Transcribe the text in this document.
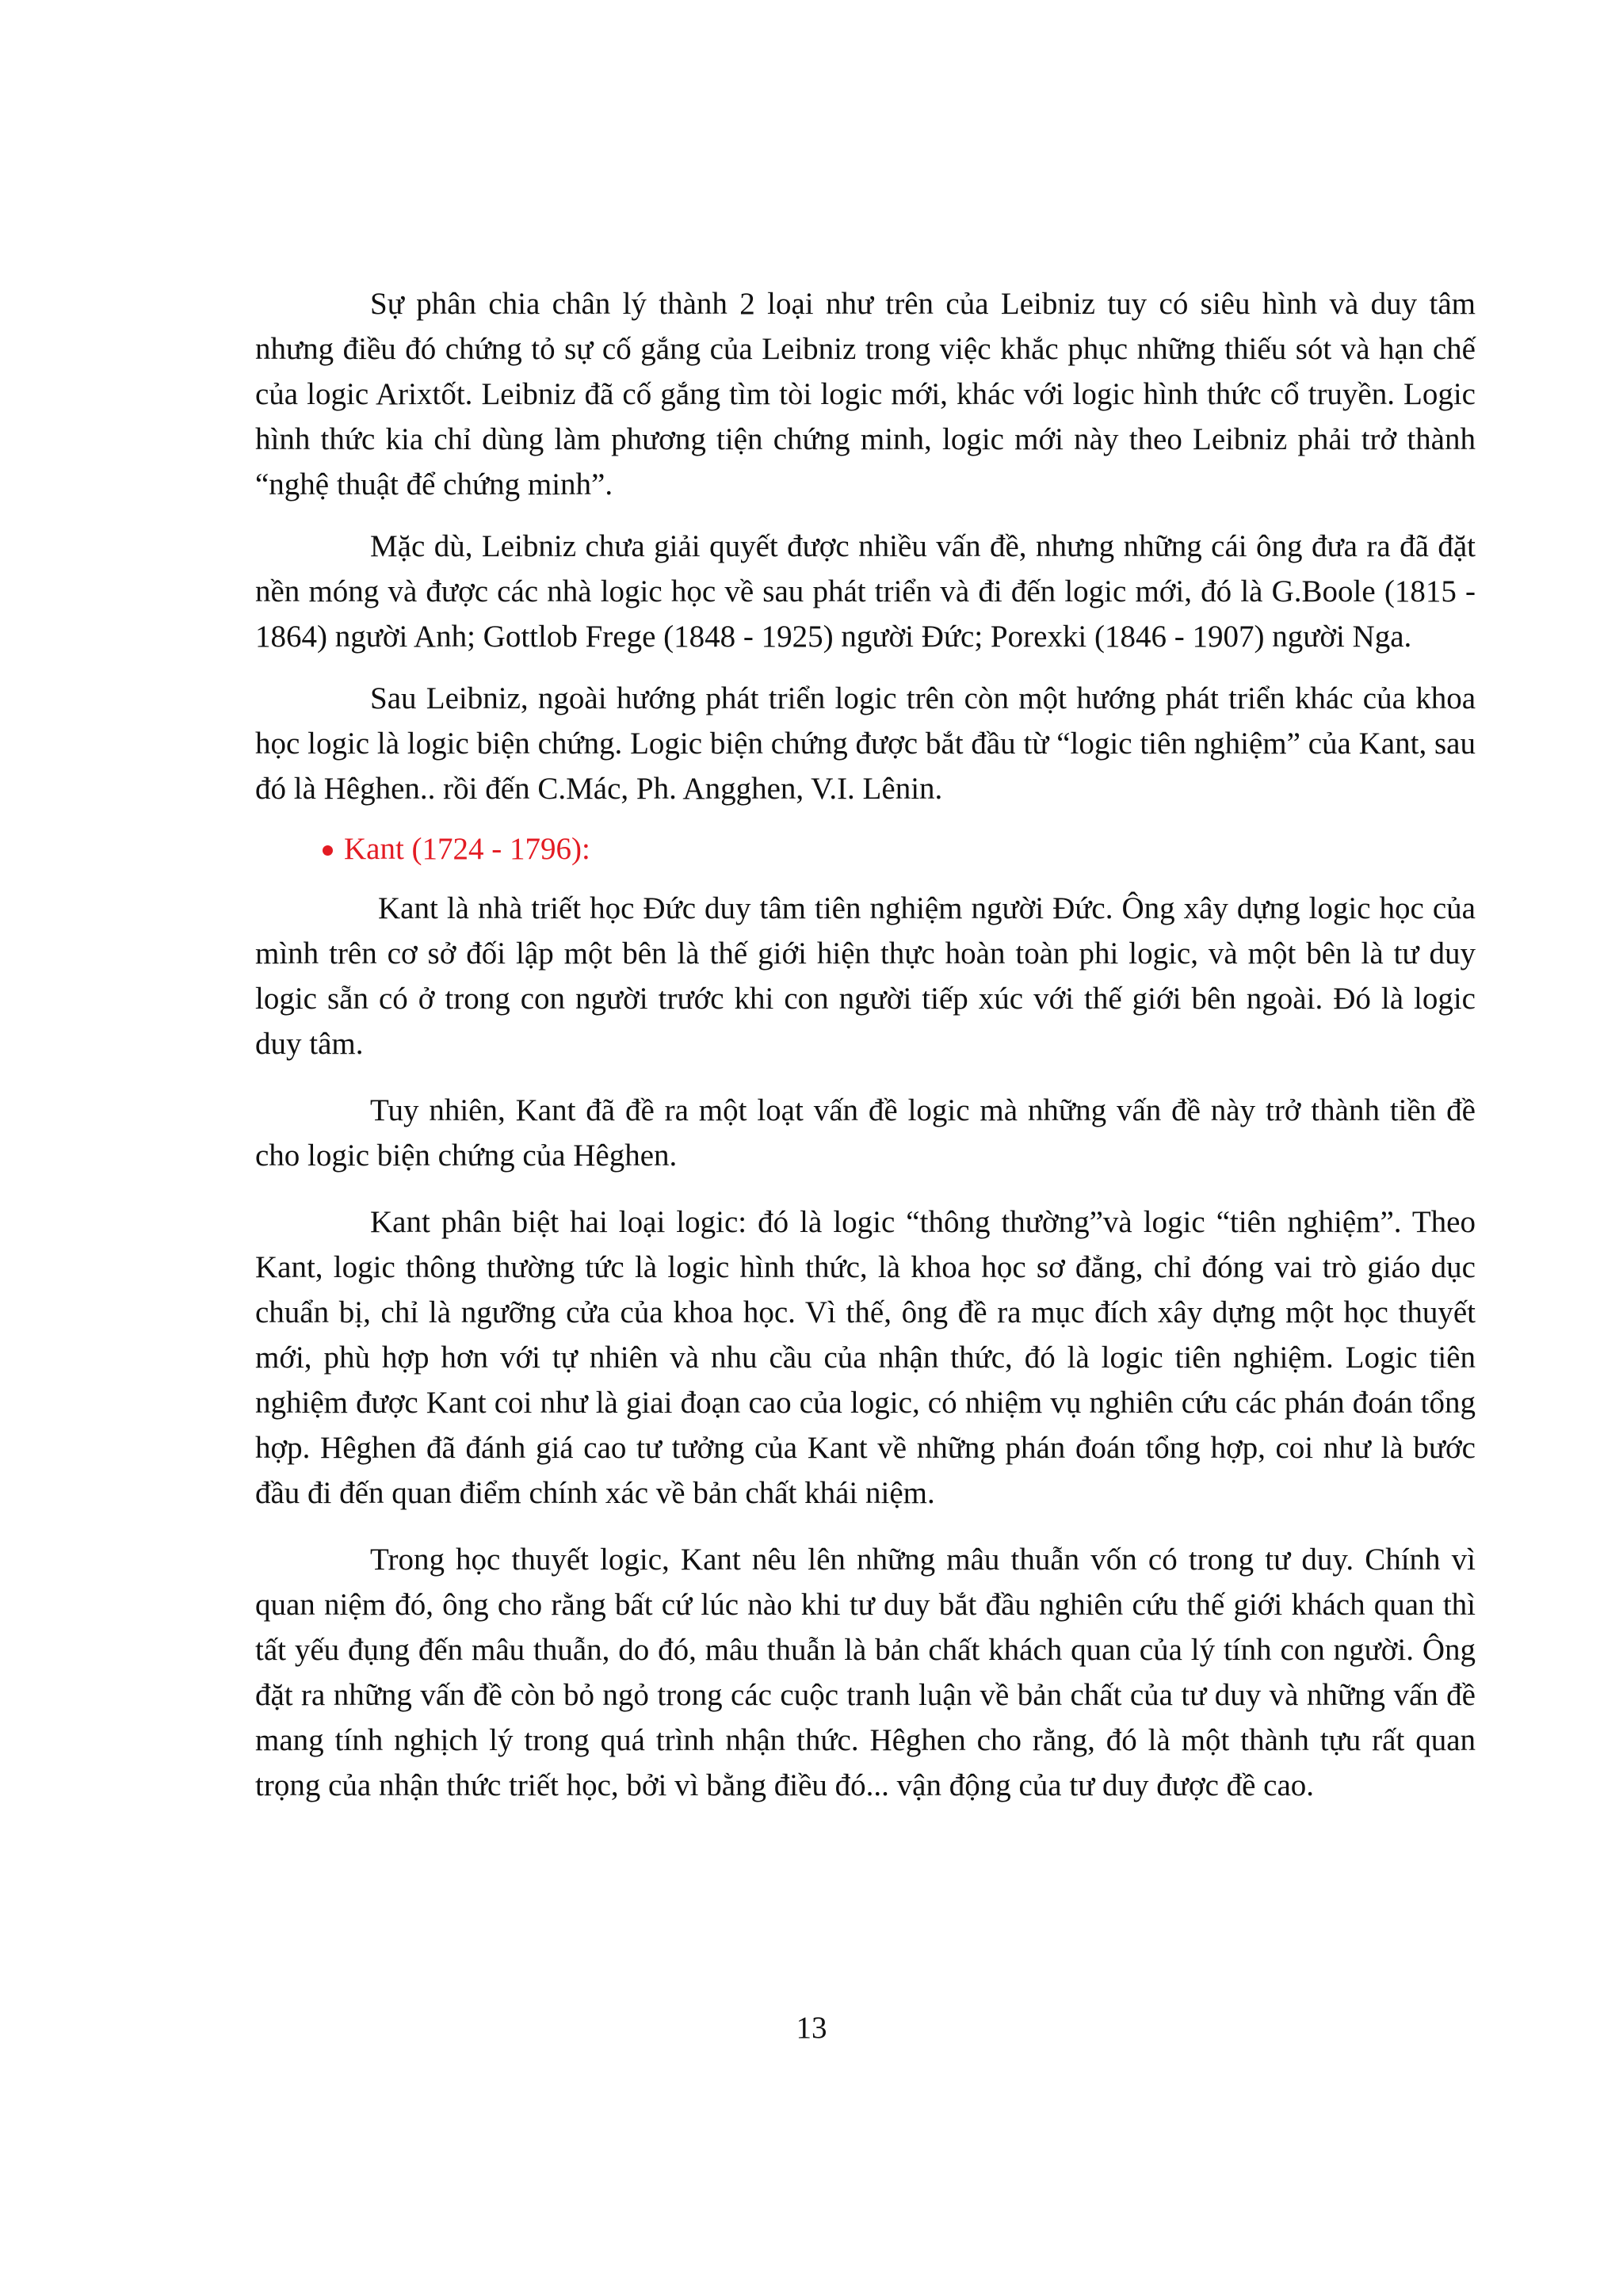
Sự phân chia chân lý thành 2 loại như trên của Leibniz tuy có siêu hình và duy tâm nhưng điều đó chứng tỏ sự cố gắng của Leibniz trong việc khắc phục những thiếu sót và hạn chế của logic Arixtốt. Leibniz đã cố gắng tìm tòi logic mới, khác với logic hình thức cổ truyền. Logic hình thức kia chỉ dùng làm phương tiện chứng minh, logic mới này theo Leibniz phải trở thành “nghệ thuật để chứng minh”.

Mặc dù, Leibniz chưa giải quyết được nhiều vấn đề, nhưng những cái ông đưa ra đã đặt nền móng và được các nhà logic học về sau phát triển và đi đến logic mới, đó là G.Boole (1815 - 1864) người Anh; Gottlob Frege (1848 - 1925) người Đức; Porexki (1846 - 1907) người Nga.

Sau Leibniz, ngoài hướng phát triển logic trên còn một hướng phát triển khác của khoa học logic là logic biện chứng. Logic biện chứng được bắt đầu từ “logic tiên nghiệm” của Kant, sau đó là Hêghen.. rồi đến C.Mác, Ph. Angghen, V.I. Lênin.

Kant (1724 - 1796):

Kant là nhà triết học Đức duy tâm tiên nghiệm người Đức. Ông xây dựng logic học của mình trên cơ sở đối lập một bên là thế giới hiện thực hoàn toàn phi logic, và một bên là tư duy logic sẵn có ở trong con người trước khi con người tiếp xúc với thế giới bên ngoài. Đó là logic duy tâm.

Tuy nhiên, Kant đã đề ra một loạt vấn đề logic mà những vấn đề này trở thành tiền đề cho logic biện chứng của Hêghen.

Kant phân biệt hai loại logic: đó là logic “thông thường”và logic “tiên nghiệm”. Theo Kant, logic thông thường tức là logic hình thức, là khoa học sơ đẳng, chỉ đóng vai trò giáo dục chuẩn bị, chỉ là ngưỡng cửa của khoa học. Vì thế, ông đề ra mục đích xây dựng một học thuyết mới, phù hợp hơn với tự nhiên và nhu cầu của nhận thức, đó là logic tiên nghiệm. Logic tiên nghiệm được Kant coi như là giai đoạn cao của logic, có nhiệm vụ nghiên cứu các phán đoán tổng hợp. Hêghen đã đánh giá cao tư tưởng của Kant về những phán đoán tổng hợp, coi như là bước đầu đi đến quan điểm chính xác về bản chất khái niệm.

Trong học thuyết logic, Kant nêu lên những mâu thuẫn vốn có trong tư duy. Chính vì quan niệm đó, ông cho rằng bất cứ lúc nào khi tư duy bắt đầu nghiên cứu thế giới khách quan thì tất yếu đụng đến mâu thuẫn, do đó, mâu thuẫn là bản chất khách quan của lý tính con người. Ông đặt ra những vấn đề còn bỏ ngỏ trong các cuộc tranh luận về bản chất của tư duy và những vấn đề mang tính nghịch lý trong quá trình nhận thức. Hêghen cho rằng, đó là một thành tựu rất quan trọng của nhận thức triết học, bởi vì bằng điều đó... vận động của tư duy được đề cao.

13
